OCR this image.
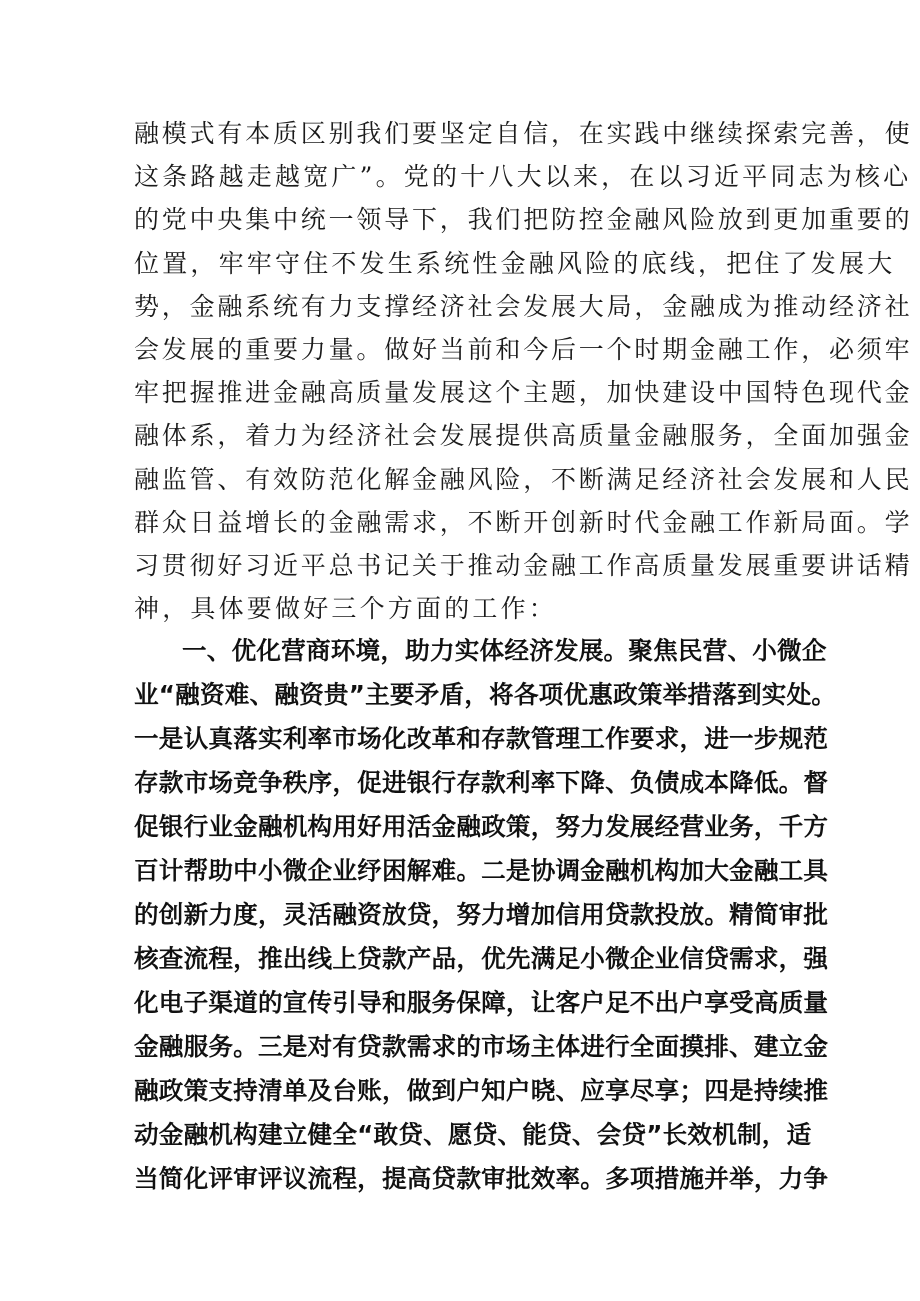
融模式有本质区别我们要坚定自信，在实践中继续探索完善，使
这条路越走越宽广”。党的十八大以来，在以习近平同志为核心
的党中央集中统一领导下，我们把防控金融风险放到更加重要的
位置，牢牢守住不发生系统性金融风险的底线，把住了发展大
势，金融系统有力支撑经济社会发展大局，金融成为推动经济社
会发展的重要力量。做好当前和今后一个时期金融工作，必须牢
牢把握推进金融高质量发展这个主题，加快建设中国特色现代金
融体系，着力为经济社会发展提供高质量金融服务，全面加强金
融监管、有效防范化解金融风险，不断满足经济社会发展和人民
群众日益增长的金融需求，不断开创新时代金融工作新局面。学
习贯彻好习近平总书记关于推动金融工作高质量发展重要讲话精
神，具体要做好三个方面的工作：
一、优化营商环境，助力实体经济发展。聚焦民营、小微企
业“融资难、融资贵”主要矛盾，将各项优惠政策举措落到实处。
一是认真落实利率市场化改革和存款管理工作要求，进一步规范
存款市场竞争秩序，促进银行存款利率下降、负债成本降低。督
促银行业金融机构用好用活金融政策，努力发展经营业务，千方
百计帮助中小微企业纾困解难。二是协调金融机构加大金融工具
的创新力度，灵活融资放贷，努力增加信用贷款投放。精简审批
核查流程，推出线上贷款产品，优先满足小微企业信贷需求，强
化电子渠道的宣传引导和服务保障，让客户足不出户享受高质量
金融服务。三是对有贷款需求的市场主体进行全面摸排、建立金
融政策支持清单及台账，做到户知户晓、应享尽享；四是持续推
动金融机构建立健全“敢贷、愿贷、能贷、会贷”长效机制，适
当简化评审评议流程，提高贷款审批效率。多项措施并举，力争
